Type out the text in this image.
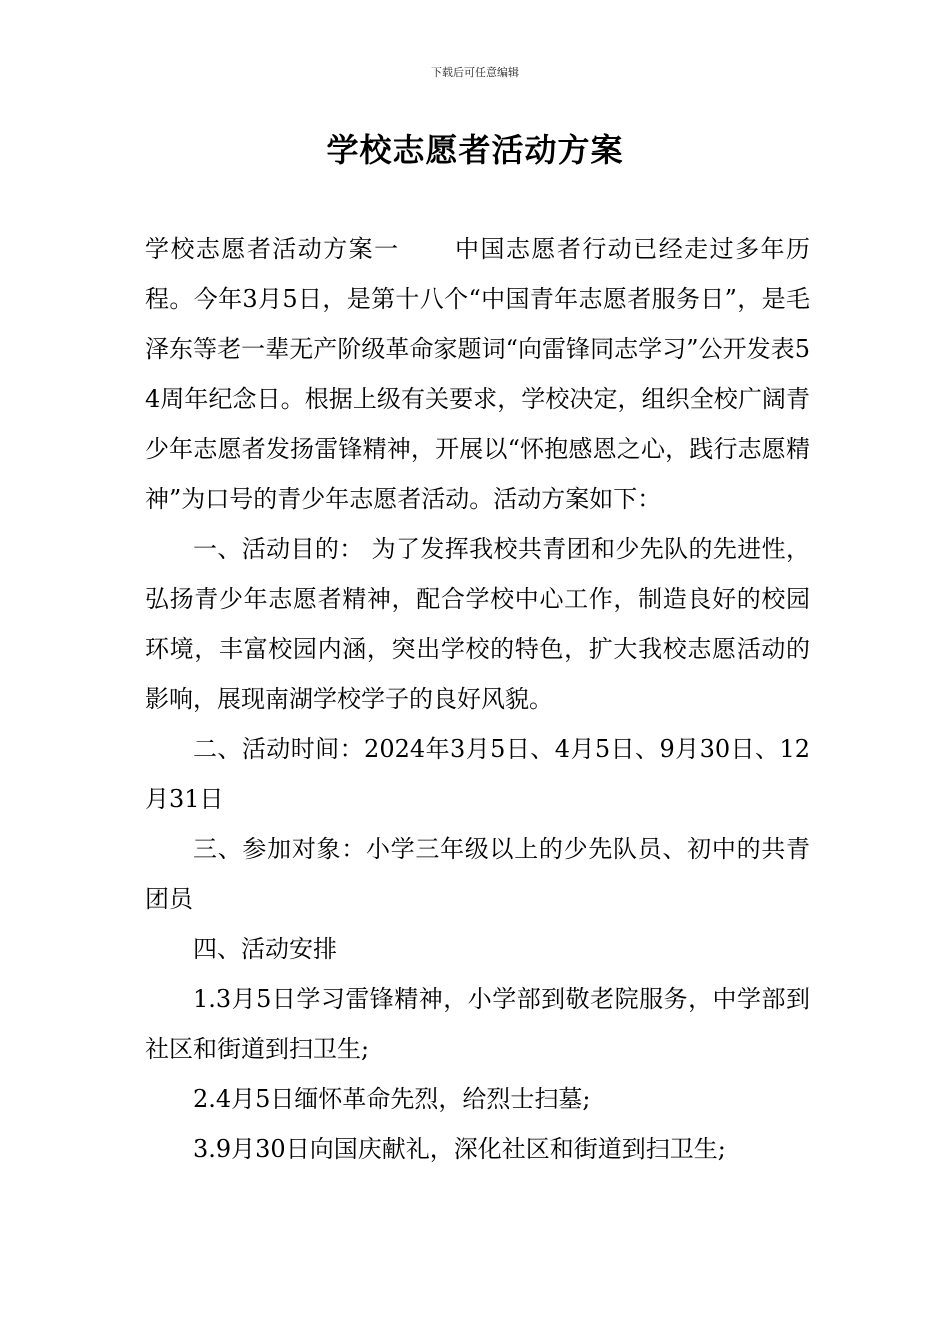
下载后可任意编辑
学校志愿者活动方案

学校志愿者活动方案一 中国志愿者行动已经走过多年历程。今年3月5日，是第十八个“中国青年志愿者服务日”，是毛泽东等老一辈无产阶级革命家题词“向雷锋同志学习”公开发表54周年纪念日。根据上级有关要求，学校决定，组织全校广阔青少年志愿者发扬雷锋精神，开展以“怀抱感恩之心，践行志愿精神”为口号的青少年志愿者活动。活动方案如下：

一、活动目的： 为了发挥我校共青团和少先队的先进性，弘扬青少年志愿者精神，配合学校中心工作，制造良好的校园环境，丰富校园内涵，突出学校的特色，扩大我校志愿活动的影响，展现南湖学校学子的良好风貌。

二、活动时间：2024年3月5日、4月5日、9月30日、12月31日

三、参加对象：小学三年级以上的少先队员、初中的共青团员

四、活动安排

1.3月5日学习雷锋精神，小学部到敬老院服务，中学部到社区和街道到扫卫生;

2.4月5日缅怀革命先烈，给烈士扫墓;

3.9月30日向国庆献礼，深化社区和街道到扫卫生;
